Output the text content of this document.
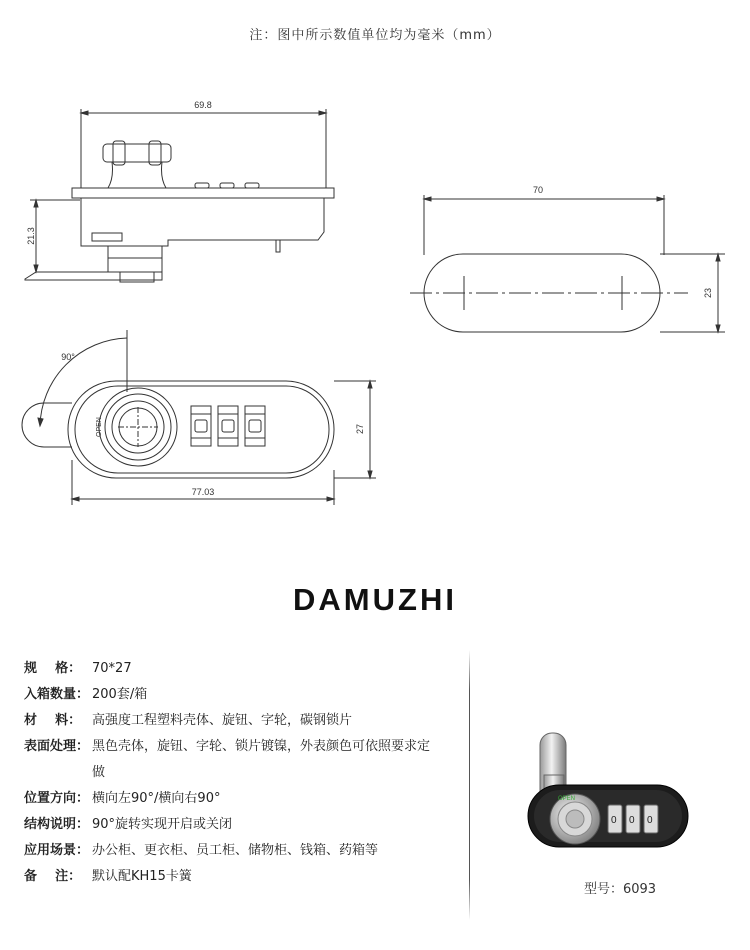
注：图中所示数值单位均为毫米（mm）
69.8
21.3
70
23
90°
OPEN	27
77.03
DAMUZHI
规    格： 70*27
入箱数量： 200套/箱
材    料： 高强度工程塑料壳体、旋钮、字轮，碳钢锁片
表面处理： 黑色壳体，旋钮、字轮、锁片镀镍，外表颜色可依照要求定做
位置方向： 横向左90°/横向右90°
结构说明： 90°旋转实现开启或关闭
应用场景： 办公柜、更衣柜、员工柜、储物柜、钱箱、药箱等
备    注： 默认配KH15卡簧
OPEN
0 0 0
型号：6093
